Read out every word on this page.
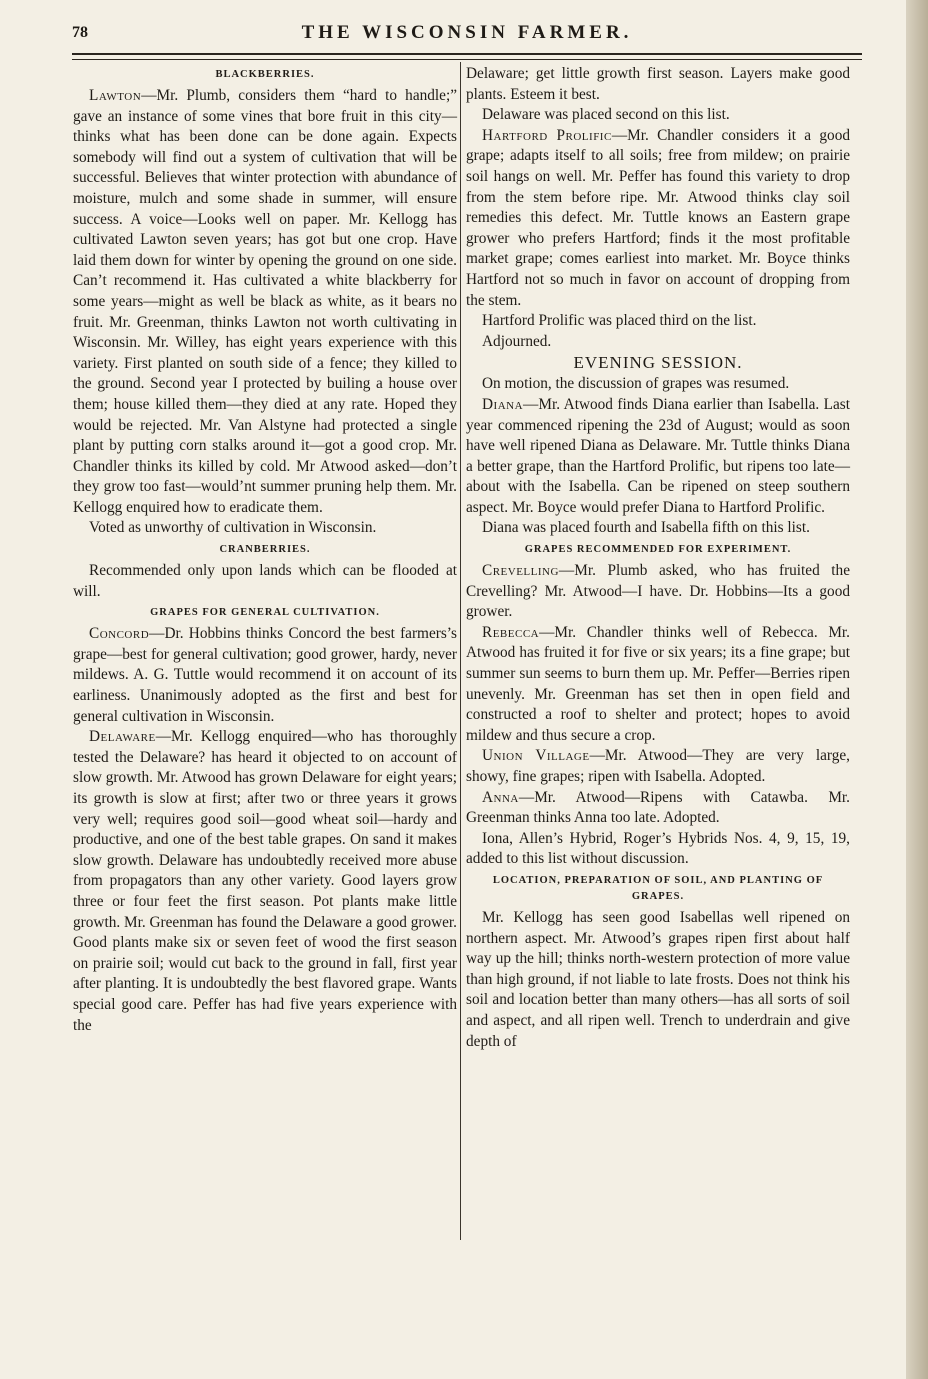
78	THE WISCONSIN FARMER.
BLACKBERRIES.

Lawton—Mr. Plumb, considers them “hard to handle;” gave an instance of some vines that bore fruit in this city—thinks what has been done can be done again. Expects somebody will find out a system of cultivation that will be successful. Believes that winter protection with abundance of moisture, mulch and some shade in summer, will ensure success. A voice—Looks well on paper. Mr. Kellogg has cultivated Lawton seven years; has got but one crop. Have laid them down for winter by opening the ground on one side. Can’t recommend it. Has cultivated a white blackberry for some years—might as well be black as white, as it bears no fruit. Mr. Greenman, thinks Lawton not worth cultivating in Wisconsin. Mr. Willey, has eight years experience with this variety. First planted on south side of a fence; they killed to the ground. Second year I protected by builing a house over them; house killed them—they died at any rate. Hoped they would be rejected. Mr. Van Alstyne had protected a single plant by putting corn stalks around it—got a good crop. Mr. Chandler thinks its killed by cold. Mr Atwood asked—don’t they grow too fast—would’nt summer pruning help them. Mr. Kellogg enquired how to eradicate them.

Voted as unworthy of cultivation in Wisconsin.

CRANBERRIES.

Recommended only upon lands which can be flooded at will.

GRAPES FOR GENERAL CULTIVATION.

Concord—Dr. Hobbins thinks Concord the best farmers’s grape—best for general cultivation; good grower, hardy, never mildews. A. G. Tuttle would recommend it on account of its earliness. Unanimously adopted as the first and best for general cultivation in Wisconsin.

Delaware—Mr. Kellogg enquired—who has thoroughly tested the Delaware? has heard it objected to on account of slow growth. Mr. Atwood has grown Delaware for eight years; its growth is slow at first; after two or three years it grows very well; requires good soil—good wheat soil—hardy and productive, and one of the best table grapes. On sand it makes slow growth. Delaware has undoubtedly received more abuse from propagators than any other variety. Good layers grow three or four feet the first season. Pot plants make little growth. Mr. Greenman has found the Delaware a good grower. Good plants make six or seven feet of wood the first season on prairie soil; would cut back to the ground in fall, first year after planting. It is undoubtedly the best flavored grape. Wants special good care. Peffer has had five years experience with the

Delaware; get little growth first season. Layers make good plants. Esteem it best.

Delaware was placed second on this list.

Hartford Prolific—Mr. Chandler considers it a good grape; adapts itself to all soils; free from mildew; on prairie soil hangs on well. Mr. Peffer has found this variety to drop from the stem before ripe. Mr. Atwood thinks clay soil remedies this defect. Mr. Tuttle knows an Eastern grape grower who prefers Hartford; finds it the most profitable market grape; comes earliest into market. Mr. Boyce thinks Hartford not so much in favor on account of dropping from the stem.

Hartford Prolific was placed third on the list.

Adjourned.

EVENING SESSION.

On motion, the discussion of grapes was resumed.

Diana—Mr. Atwood finds Diana earlier than Isabella. Last year commenced ripening the 23d of August; would as soon have well ripened Diana as Delaware. Mr. Tuttle thinks Diana a better grape, than the Hartford Prolific, but ripens too late—about with the Isabella. Can be ripened on steep southern aspect. Mr. Boyce would prefer Diana to Hartford Prolific.

Diana was placed fourth and Isabella fifth on this list.

GRAPES RECOMMENDED FOR EXPERIMENT.

Crevelling—Mr. Plumb asked, who has fruited the Crevelling? Mr. Atwood—I have. Dr. Hobbins—Its a good grower.

Rebecca—Mr. Chandler thinks well of Rebecca. Mr. Atwood has fruited it for five or six years; its a fine grape; but summer sun seems to burn them up. Mr. Peffer—Berries ripen unevenly. Mr. Greenman has set then in open field and constructed a roof to shelter and protect; hopes to avoid mildew and thus secure a crop.

Union Village—Mr. Atwood—They are very large, showy, fine grapes; ripen with Isabella. Adopted.

Anna—Mr. Atwood—Ripens with Catawba. Mr. Greenman thinks Anna too late. Adopted.

Iona, Allen’s Hybrid, Roger’s Hybrids Nos. 4, 9, 15, 19, added to this list without discussion.

LOCATION, PREPARATION OF SOIL, AND PLANTING OF GRAPES.

Mr. Kellogg has seen good Isabellas well ripened on northern aspect. Mr. Atwood’s grapes ripen first about half way up the hill; thinks north-western protection of more value than high ground, if not liable to late frosts. Does not think his soil and location better than many others—has all sorts of soil and aspect, and all ripen well. Trench to underdrain and give depth of
